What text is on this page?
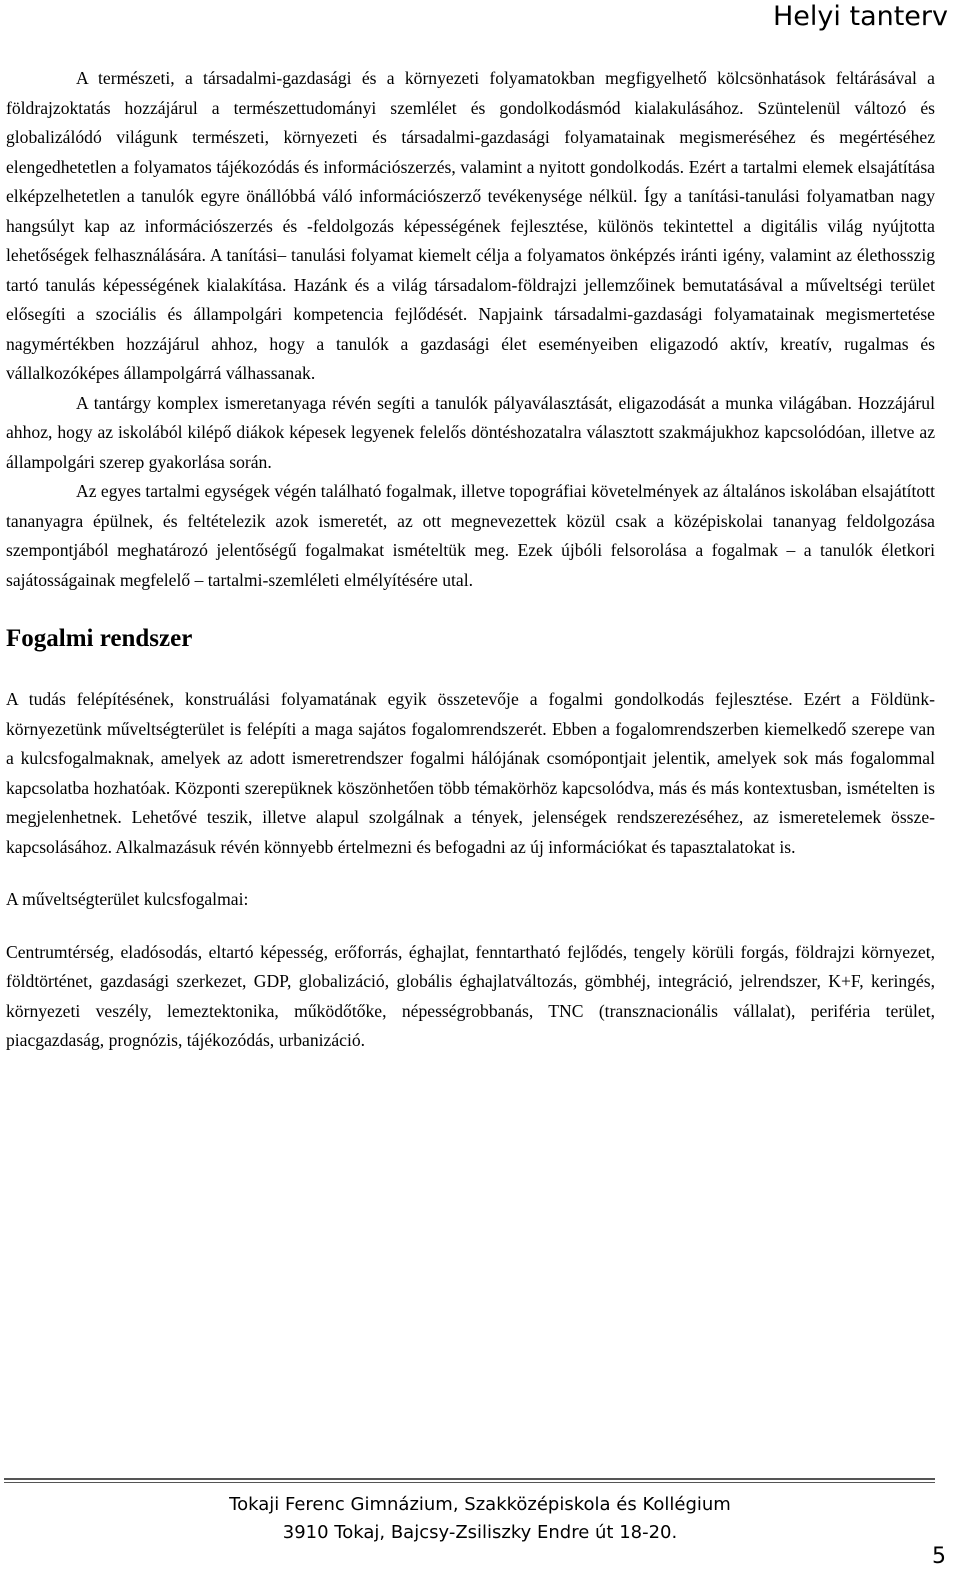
Helyi tanterv

A természeti, a társadalmi-gazdasági és a környezeti folyamatokban megfigyelhető kölcsönhatások feltárásával a földrajzoktatás hozzájárul a természettudományi szemlélet és gondolkodásmód kialakulásához. Szüntelenül változó és globalizálódó világunk természeti, környezeti és társadalmi-gazdasági folyamatainak megismeréséhez és megértéséhez elengedhetetlen a folyamatos tájékozódás és információszerzés, valamint a nyitott gondolkodás. Ezért a tartalmi elemek elsajátítása elképzelhetetlen a tanulók egyre önállóbbá váló információszerző tevékenysége nélkül. Így a tanítási-tanulási folyamatban nagy hangsúlyt kap az információszerzés és -feldolgozás képességének fejlesztése, különös tekintettel a digitális világ nyújtotta lehetőségek felhasználására. A tanítási– tanulási folyamat kiemelt célja a folyamatos önképzés iránti igény, valamint az élethosszig tartó tanulás képességének kialakítása. Hazánk és a világ társadalom-földrajzi jellemzőinek bemutatásával a műveltségi terület elősegíti a szociális és állampolgári kompetencia fejlődését. Napjaink társadalmi-gazdasági folyamatainak megismertetése nagymértékben hozzájárul ahhoz, hogy a tanulók a gazdasági élet eseményeiben eligazodó aktív, kreatív, rugalmas és vállalkozóképes állampolgárrá válhassanak.

A tantárgy komplex ismeretanyaga révén segíti a tanulók pályaválasztását, eligazodását a munka világában. Hozzájárul ahhoz, hogy az iskolából kilépő diákok képesek legyenek felelős döntéshozatalra választott szakmájukhoz kapcsolódóan, illetve az állampolgári szerep gyakorlása során.

Az egyes tartalmi egységek végén található fogalmak, illetve topográfiai követelmények az általános iskolában elsajátított tananyagra épülnek, és feltételezik azok ismeretét, az ott megnevezettek közül csak a középiskolai tananyag feldolgozása szempontjából meghatározó jelentőségű fogalmakat ismételtük meg. Ezek újbóli felsorolása a fogalmak – a tanulók életkori sajátosságainak megfelelő – tartalmi-szemléleti elmélyítésére utal.

Fogalmi rendszer

A tudás felépítésének, konstruálási folyamatának egyik összetevője a fogalmi gondolkodás fejlesztése. Ezért a Földünk-környezetünk műveltségterület is felépíti a maga sajátos fogalomrendszerét. Ebben a fogalomrendszerben kiemelkedő szerepe van a kulcsfogalmaknak, amelyek az adott ismeretrendszer fogalmi hálójának csomópontjait jelentik, amelyek sok más fogalommal kapcsolatba hozhatóak. Központi szerepüknek köszönhetően több témakörhöz kapcsolódva, más és más kontextusban, ismételten is megjelenhetnek. Lehetővé teszik, illetve alapul szolgálnak a tények, jelenségek rendszerezéséhez, az ismeretelemek összekapcsolásához. Alkalmazásuk révén könnyebb értelmezni és befogadni az új információkat és tapasztalatokat is.

A műveltségterület kulcsfogalmai:

Centrumtérség, eladósodás, eltartó képesség, erőforrás, éghajlat, fenntartható fejlődés, tengely körüli forgás, földrajzi környezet, földtörténet, gazdasági szerkezet, GDP, globalizáció, globális éghajlatváltozás, gömbhéj, integráció, jelrendszer, K+F, keringés, környezeti veszély, lemeztektonika, működőtőke, népességrobbanás, TNC (transznacionális vállalat), periféria terület, piacgazdaság, prognózis, tájékozódás, urbanizáció.

Tokaji Ferenc Gimnázium, Szakközépiskola és Kollégium
3910 Tokaj, Bajcsy-Zsiliszky Endre út 18-20.
5
